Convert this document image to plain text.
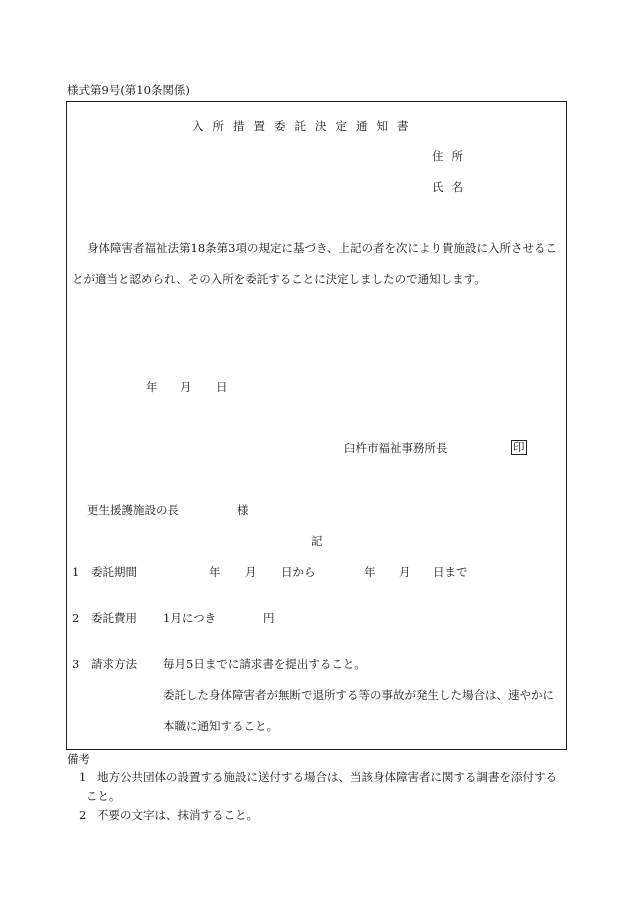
様式第9号(第10条関係)
入所措置委託決定通知書
住所
氏名
身体障害者福祉法第18条第3項の規定に基づき、上記の者を次により貴施設に入所させるこ
とが適当と認められ、その入所を委託することに決定しましたので通知します。
年 月 日
臼杵市福祉事務所長	印
更生援護施設の長	様
記
1 委託期間	年 月 日から	年 月 日まで
2 委託費用 1月につき	円
3 請求方法 毎月5日までに請求書を提出すること。
委託した身体障害者が無断で退所する等の事故が発生した場合は、速やかに
本職に通知すること。
備考
1 地方公共団体の設置する施設に送付する場合は、当該身体障害者に関する調書を添付する
こと。
2 不要の文字は、抹消すること。
